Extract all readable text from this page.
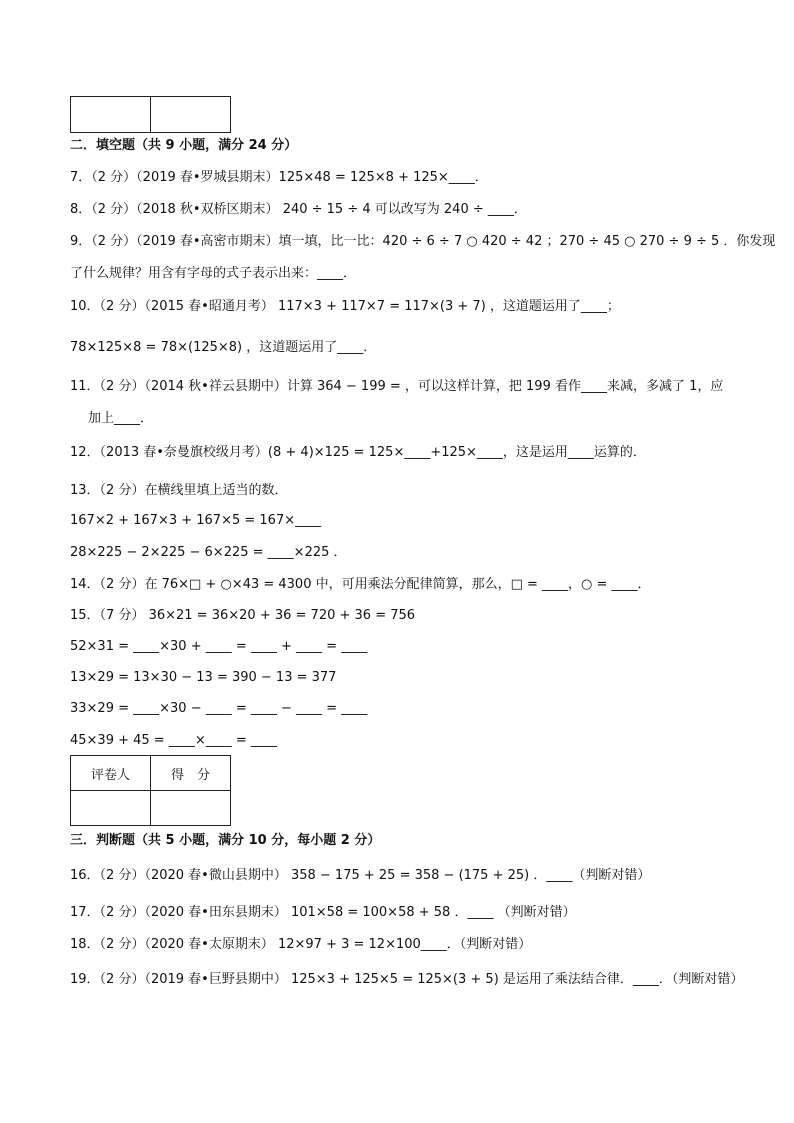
二．填空题（共 9 小题，满分 24 分）
7．（2 分）（2019 春•罗城县期末）125×48 = 125×8 + 125×____．
8．（2 分）（2018 秋•双桥区期末） 240 ÷ 15 ÷ 4 可以改写为 240 ÷ ____．
9．（2 分）（2019 春•高密市期末）填一填，比一比：420 ÷ 6 ÷ 7 ○ 420 ÷ 42 ；270 ÷ 45 ○ 270 ÷ 9 ÷ 5 ．你发现
了什么规律？用含有字母的式子表示出来：____．
10．（2 分）（2015 春•昭通月考） 117×3 + 117×7 = 117×(3 + 7) ，这道题运用了____；
78×125×8 = 78×(125×8) ，这道题运用了____．
11．（2 分）（2014 秋•祥云县期中）计算 364 − 199 = ，可以这样计算，把 199 看作____来减，多减了 1，应
加上____．
12．（2013 春•奈曼旗校级月考）(8 + 4)×125 = 125×____+125×____，这是运用____运算的．
13．（2 分）在横线里填上适当的数．
167×2 + 167×3 + 167×5 = 167×____
28×225 − 2×225 − 6×225 = ____×225 ．
14．（2 分）在 76×□ + ○×43 = 4300 中，可用乘法分配律简算，那么，□ = ____，○ = ____．
15．（7 分） 36×21 = 36×20 + 36 = 720 + 36 = 756
52×31 = ____×30 + ____ = ____ + ____ = ____
13×29 = 13×30 − 13 = 390 − 13 = 377
33×29 = ____×30 − ____ = ____ − ____ = ____
45×39 + 45 = ____×____ = ____
评卷人	得　分

三．判断题（共 5 小题，满分 10 分，每小题 2 分）
16．（2 分）（2020 春•微山县期中） 358 − 175 + 25 = 358 − (175 + 25) ．____（判断对错）
17．（2 分）（2020 春•田东县期末） 101×58 = 100×58 + 58 ．____ （判断对错）
18．（2 分）（2020 春•太原期末） 12×97 + 3 = 12×100____．（判断对错）
19．（2 分）（2019 春•巨野县期中） 125×3 + 125×5 = 125×(3 + 5) 是运用了乘法结合律．____．（判断对错）
